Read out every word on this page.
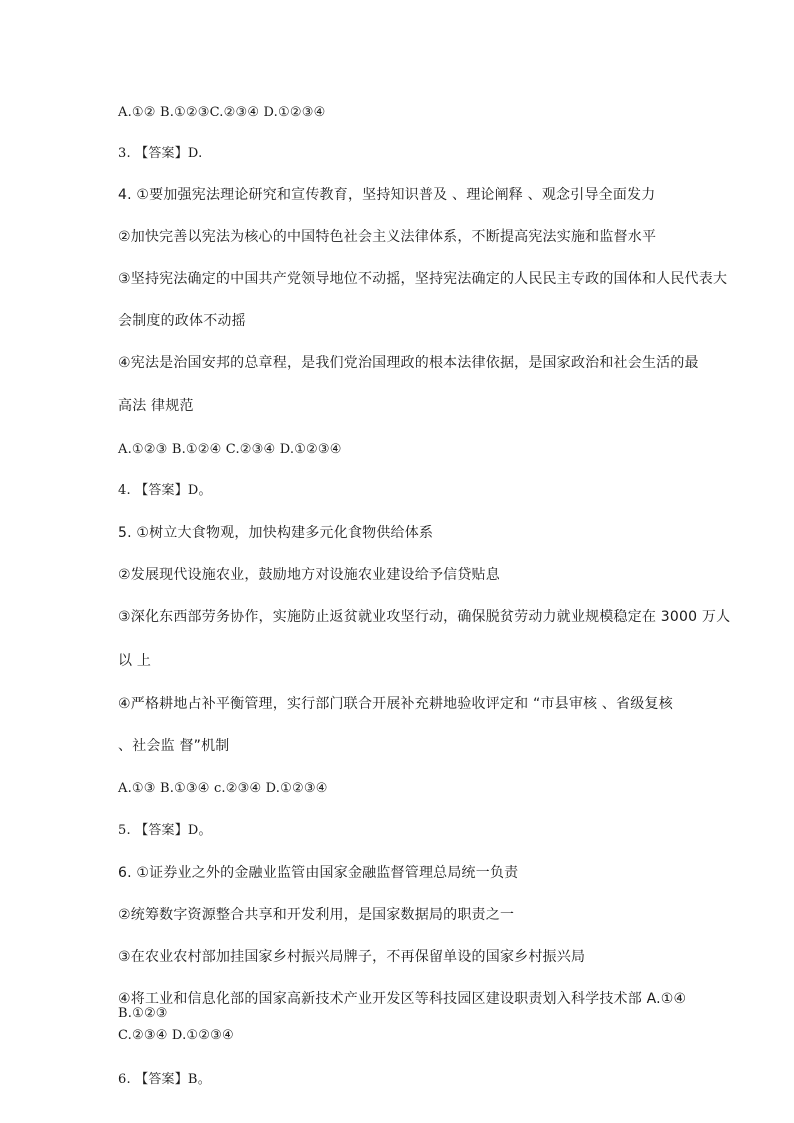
A.①② B.①②③C.②③④ D.①②③④
3. 【答案】D.
4. ①要加强宪法理论研究和宣传教育，坚持知识普及 、理论阐释 、观念引导全面发力
②加快完善以宪法为核心的中国特色社会主义法律体系，不断提高宪法实施和监督水平
③坚持宪法确定的中国共产党领导地位不动摇，坚持宪法确定的人民民主专政的国体和人民代表大
会制度的政体不动摇
④宪法是治国安邦的总章程，是我们党治国理政的根本法律依据，是国家政治和社会生活的最
高法 律规范
A.①②③ B.①②④ C.②③④ D.①②③④
4. 【答案】D。
5. ①树立大食物观，加快构建多元化食物供给体系
②发展现代设施农业，鼓励地方对设施农业建设给予信贷贴息
③深化东西部劳务协作，实施防止返贫就业攻坚行动，确保脱贫劳动力就业规模稳定在 3000 万人
以 上
④严格耕地占补平衡管理，实行部门联合开展补充耕地验收评定和 “市县审核 、省级复核
、社会监 督”机制
A.①③ B.①③④ c.②③④ D.①②③④
5. 【答案】D。
6. ①证券业之外的金融业监管由国家金融监督管理总局统一负责
②统筹数字资源整合共享和开发利用，是国家数据局的职责之一
③在农业农村部加挂国家乡村振兴局牌子，不再保留单设的国家乡村振兴局
④将工业和信息化部的国家高新技术产业开发区等科技园区建设职责划入科学技术部 A.①④
B.①②③
C.②③④ D.①②③④
6. 【答案】B。
